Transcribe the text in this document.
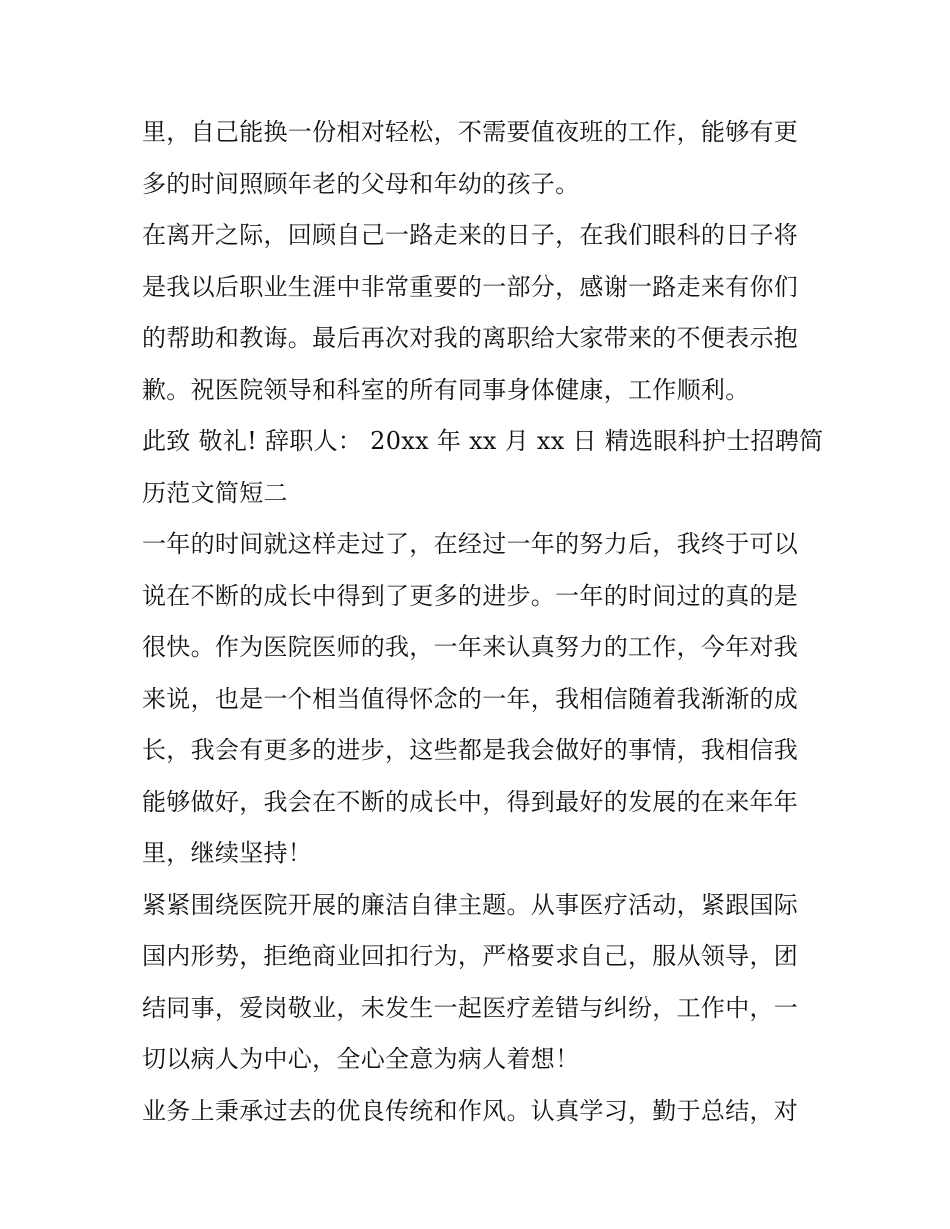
里，自己能换一份相对轻松，不需要值夜班的工作，能够有更
多的时间照顾年老的父母和年幼的孩子。
在离开之际，回顾自己一路走来的日子，在我们眼科的日子将
是我以后职业生涯中非常重要的一部分，感谢一路走来有你们
的帮助和教诲。最后再次对我的离职给大家带来的不便表示抱
歉。祝医院领导和科室的所有同事身体健康，工作顺利。
此致 敬礼! 辞职人： 20xx 年 xx 月 xx 日 精选眼科护士招聘简
历范文简短二
一年的时间就这样走过了，在经过一年的努力后，我终于可以
说在不断的成长中得到了更多的进步。一年的时间过的真的是
很快。作为医院医师的我，一年来认真努力的工作，今年对我
来说，也是一个相当值得怀念的一年，我相信随着我渐渐的成
长，我会有更多的进步，这些都是我会做好的事情，我相信我
能够做好，我会在不断的成长中，得到最好的发展的在来年年
里，继续坚持！
紧紧围绕医院开展的廉洁自律主题。从事医疗活动，紧跟国际
国内形势，拒绝商业回扣行为，严格要求自己，服从领导，团
结同事，爱岗敬业，未发生一起医疗差错与纠纷，工作中，一
切以病人为中心，全心全意为病人着想！
业务上秉承过去的优良传统和作风。认真学习，勤于总结，对
